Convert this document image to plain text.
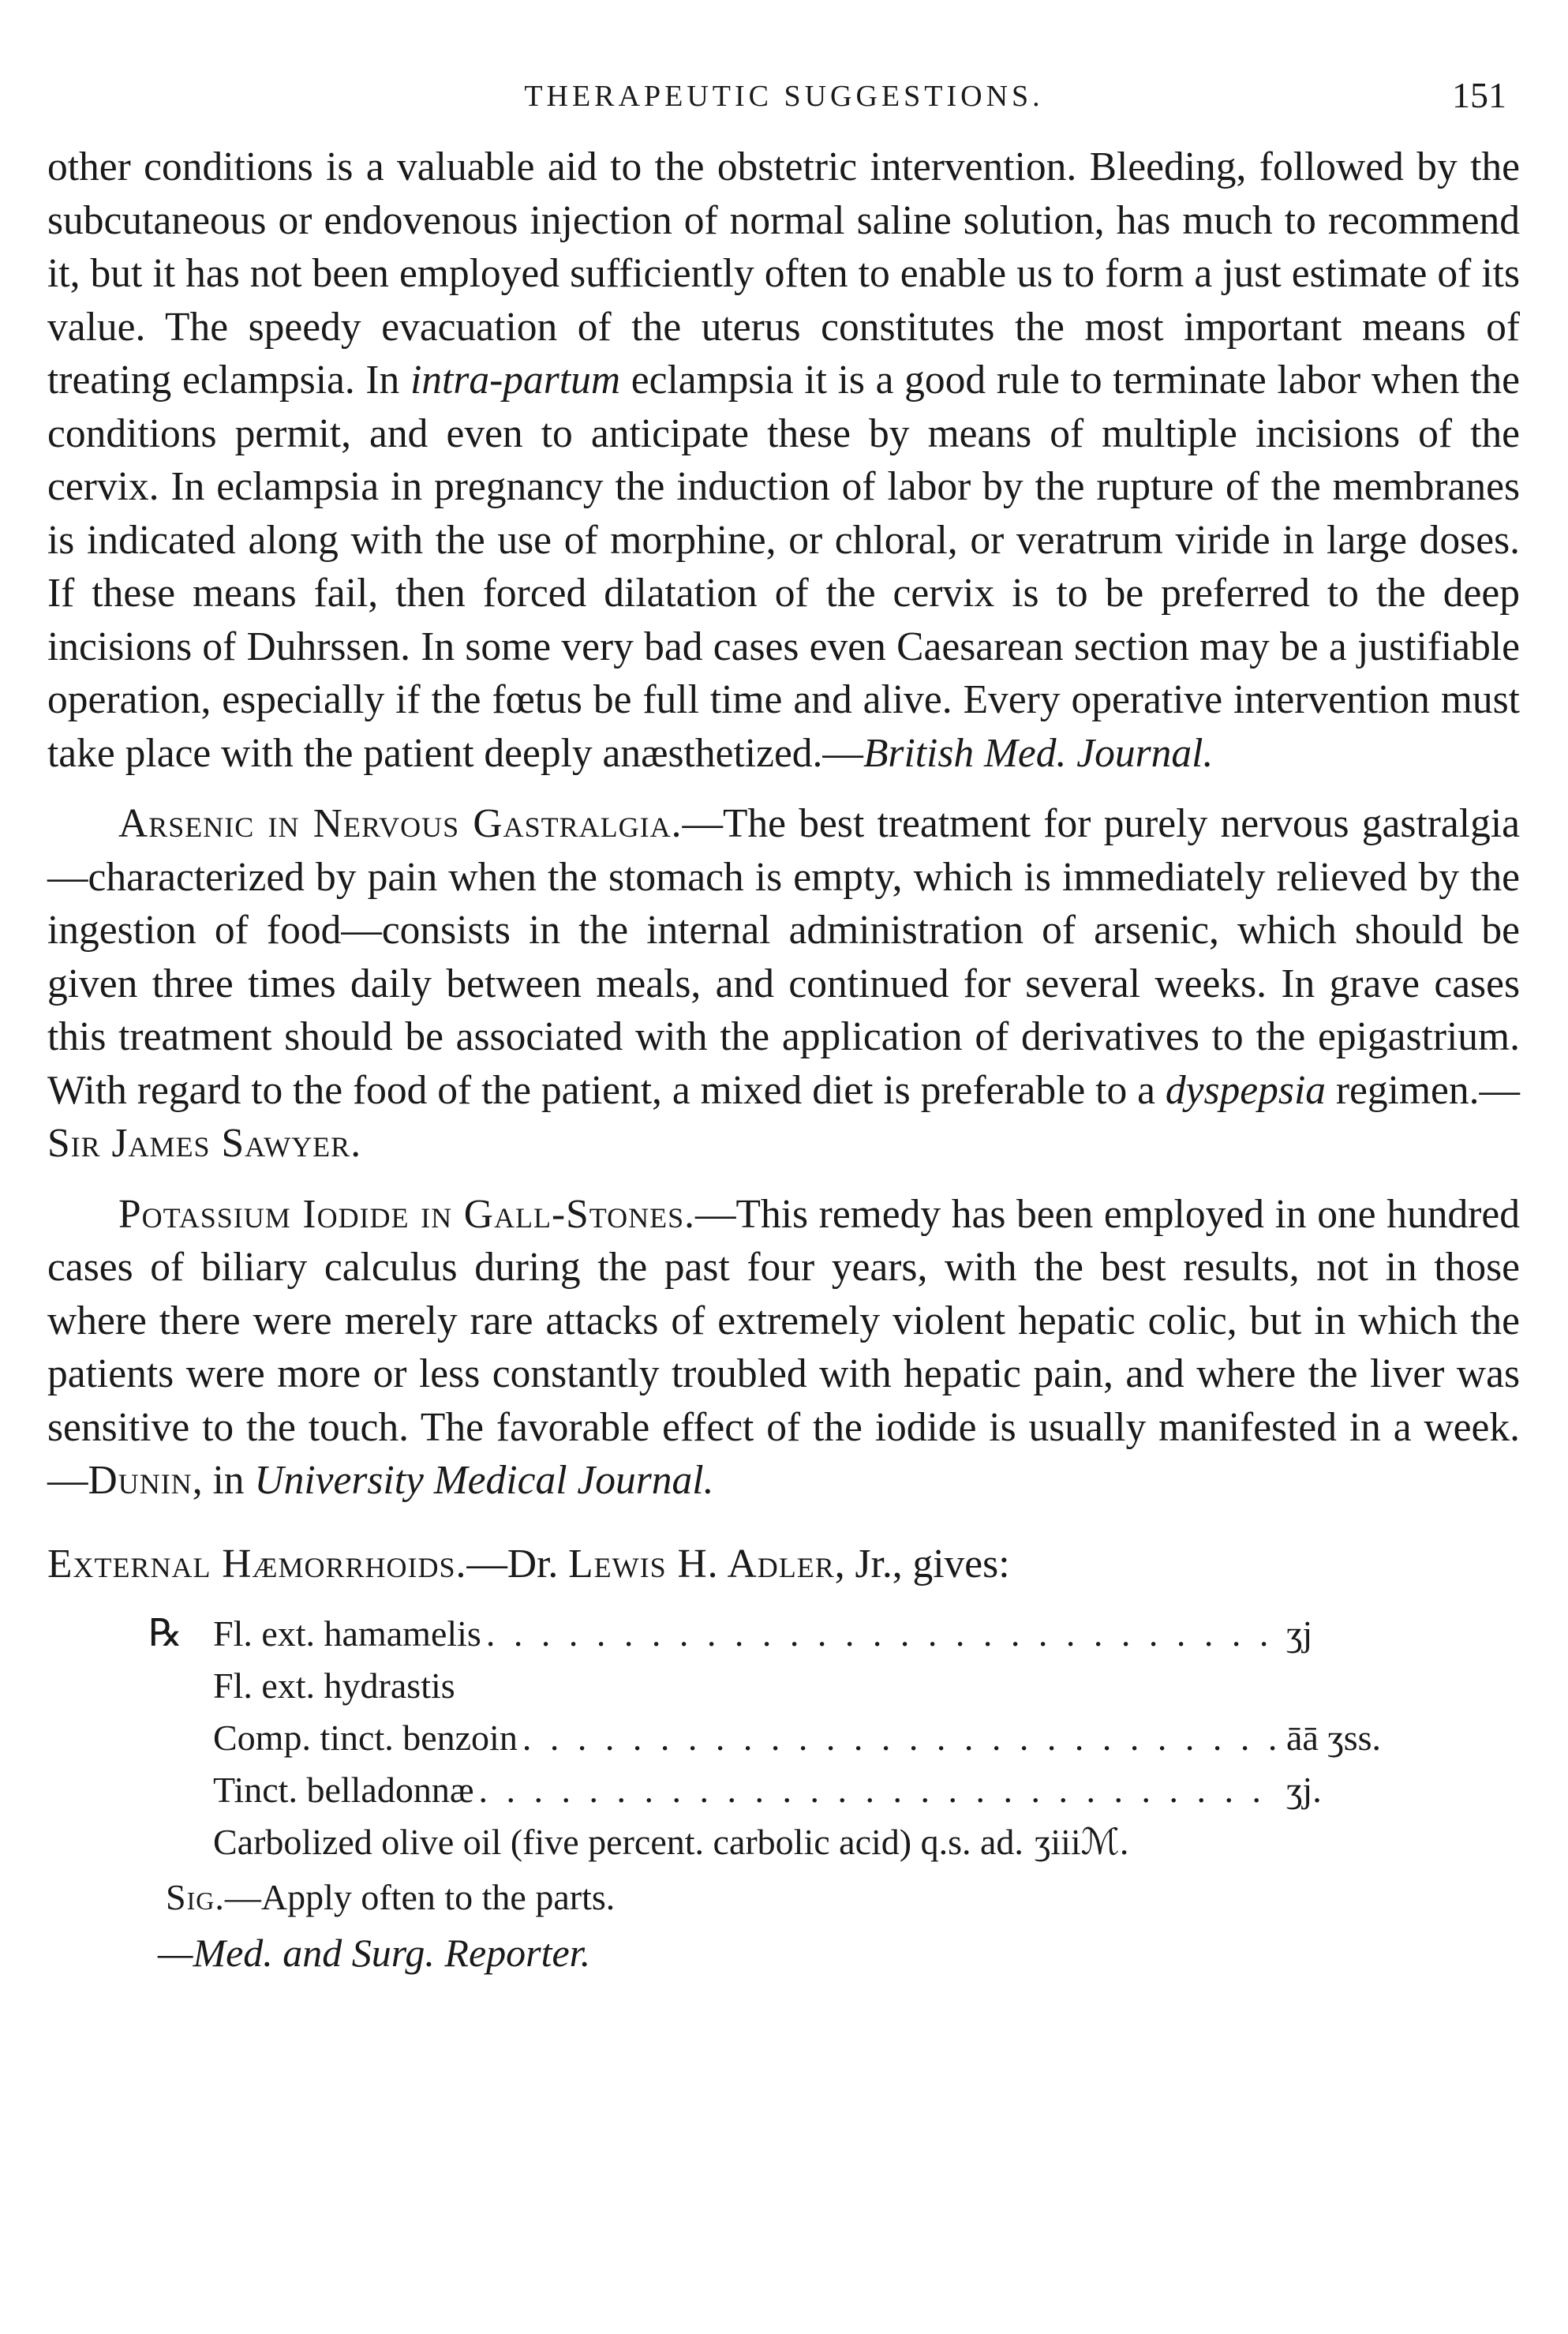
THERAPEUTIC SUGGESTIONS.	151

other conditions is a valuable aid to the obstetric intervention. Bleeding, followed by the subcutaneous or endovenous injection of normal saline solution, has much to recommend it, but it has not been employed sufficiently often to enable us to form a just estimate of its value. The speedy evacuation of the uterus constitutes the most important means of treating eclampsia. In intra-partum eclampsia it is a good rule to terminate labor when the conditions permit, and even to anticipate these by means of multiple incisions of the cervix. In eclampsia in pregnancy the induction of labor by the rupture of the membranes is indicated along with the use of morphine, or chloral, or veratrum viride in large doses. If these means fail, then forced dilatation of the cervix is to be preferred to the deep incisions of Duhrssen. In some very bad cases even Caesarean section may be a justifiable operation, especially if the fœtus be full time and alive. Every operative intervention must take place with the patient deeply anæsthetized.—British Med. Journal.

Arsenic in Nervous Gastralgia.—The best treatment for purely nervous gastralgia—characterized by pain when the stomach is empty, which is immediately relieved by the ingestion of food—consists in the internal administration of arsenic, which should be given three times daily between meals, and continued for several weeks. In grave cases this treatment should be associated with the application of derivatives to the epigastrium. With regard to the food of the patient, a mixed diet is preferable to a dyspepsia regimen.—Sir James Sawyer.

Potassium Iodide in Gall-Stones.—This remedy has been employed in one hundred cases of biliary calculus during the past four years, with the best results, not in those where there were merely rare attacks of extremely violent hepatic colic, but in which the patients were more or less constantly troubled with hepatic pain, and where the liver was sensitive to the touch. The favorable effect of the iodide is usually manifested in a week.—Dunin, in University Medical Journal.

External Hæmorrhoids.—Dr. Lewis H. Adler, Jr., gives:

℞ Fl. ext. hamamelis . . .	ʒj
Fl. ext. hydrastis
Comp. tinct. benzoin . . .	āā ʒss.
Tinct. belladonnæ . . .	ʒj.
Carbolized olive oil (five percent. carbolic acid) q.s. ad. ʒiiiℳ.
Sig.—Apply often to the parts.
—Med. and Surg. Reporter.
